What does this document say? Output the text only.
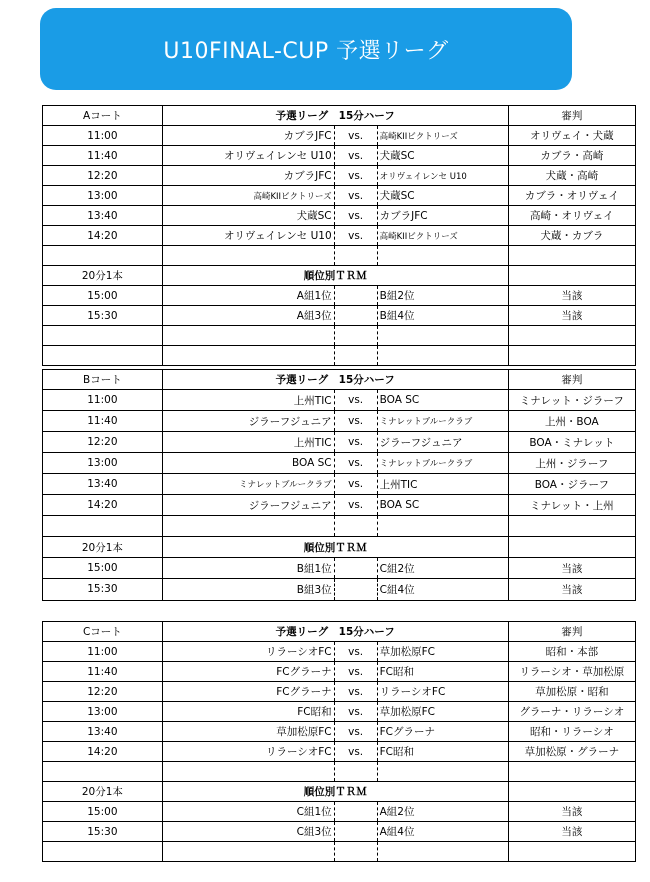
U10FINAL-CUP 予選リーグ
Aコート	予選リーグ　15分ハーフ			審判
11:00	カブラJFC	vs.	高崎KIIビクトリーズ	オリヴェイ・犬蔵
11:40	オリヴェイレンセ U10	vs.	犬蔵SC	カブラ・高崎
12:20	カブラJFC	vs.	オリヴェイレンセ U10	犬蔵・高崎
13:00	高崎KIIビクトリーズ	vs.	犬蔵SC	カブラ・オリヴェイ
13:40	犬蔵SC	vs.	カブラJFC	高崎・オリヴェイ
14:20	オリヴェイレンセ U10	vs.	高崎KIIビクトリーズ	犬蔵・カブラ

20分1本	順位別ＴＲＭ			
15:00	A組1位		B組2位	当該
15:30	A組3位		B組4位	当該

Bコート	予選リーグ　15分ハーフ			審判
11:00	上州TIC	vs.	BOA SC	ミナレット・ジラーフ
11:40	ジラーフジュニア	vs.	ミナレットブルークラブ	上州・BOA
12:20	上州TIC	vs.	ジラーフジュニア	BOA・ミナレット
13:00	BOA SC	vs.	ミナレットブルークラブ	上州・ジラーフ
13:40	ミナレットブルークラブ	vs.	上州TIC	BOA・ジラーフ
14:20	ジラーフジュニア	vs.	BOA SC	ミナレット・上州

20分1本	順位別ＴＲＭ			
15:00	B組1位		C組2位	当該
15:30	B組3位		C組4位	当該
Cコート	予選リーグ　15分ハーフ			審判
11:00	リラーシオFC	vs.	草加松原FC	昭和・本部
11:40	FCグラーナ	vs.	FC昭和	リラーシオ・草加松原
12:20	FCグラーナ	vs.	リラーシオFC	草加松原・昭和
13:00	FC昭和	vs.	草加松原FC	グラーナ・リラーシオ
13:40	草加松原FC	vs.	FCグラーナ	昭和・リラーシオ
14:20	リラーシオFC	vs.	FC昭和	草加松原・グラーナ

20分1本	順位別ＴＲＭ			
15:00	C組1位		A組2位	当該
15:30	C組3位		A組4位	当該
